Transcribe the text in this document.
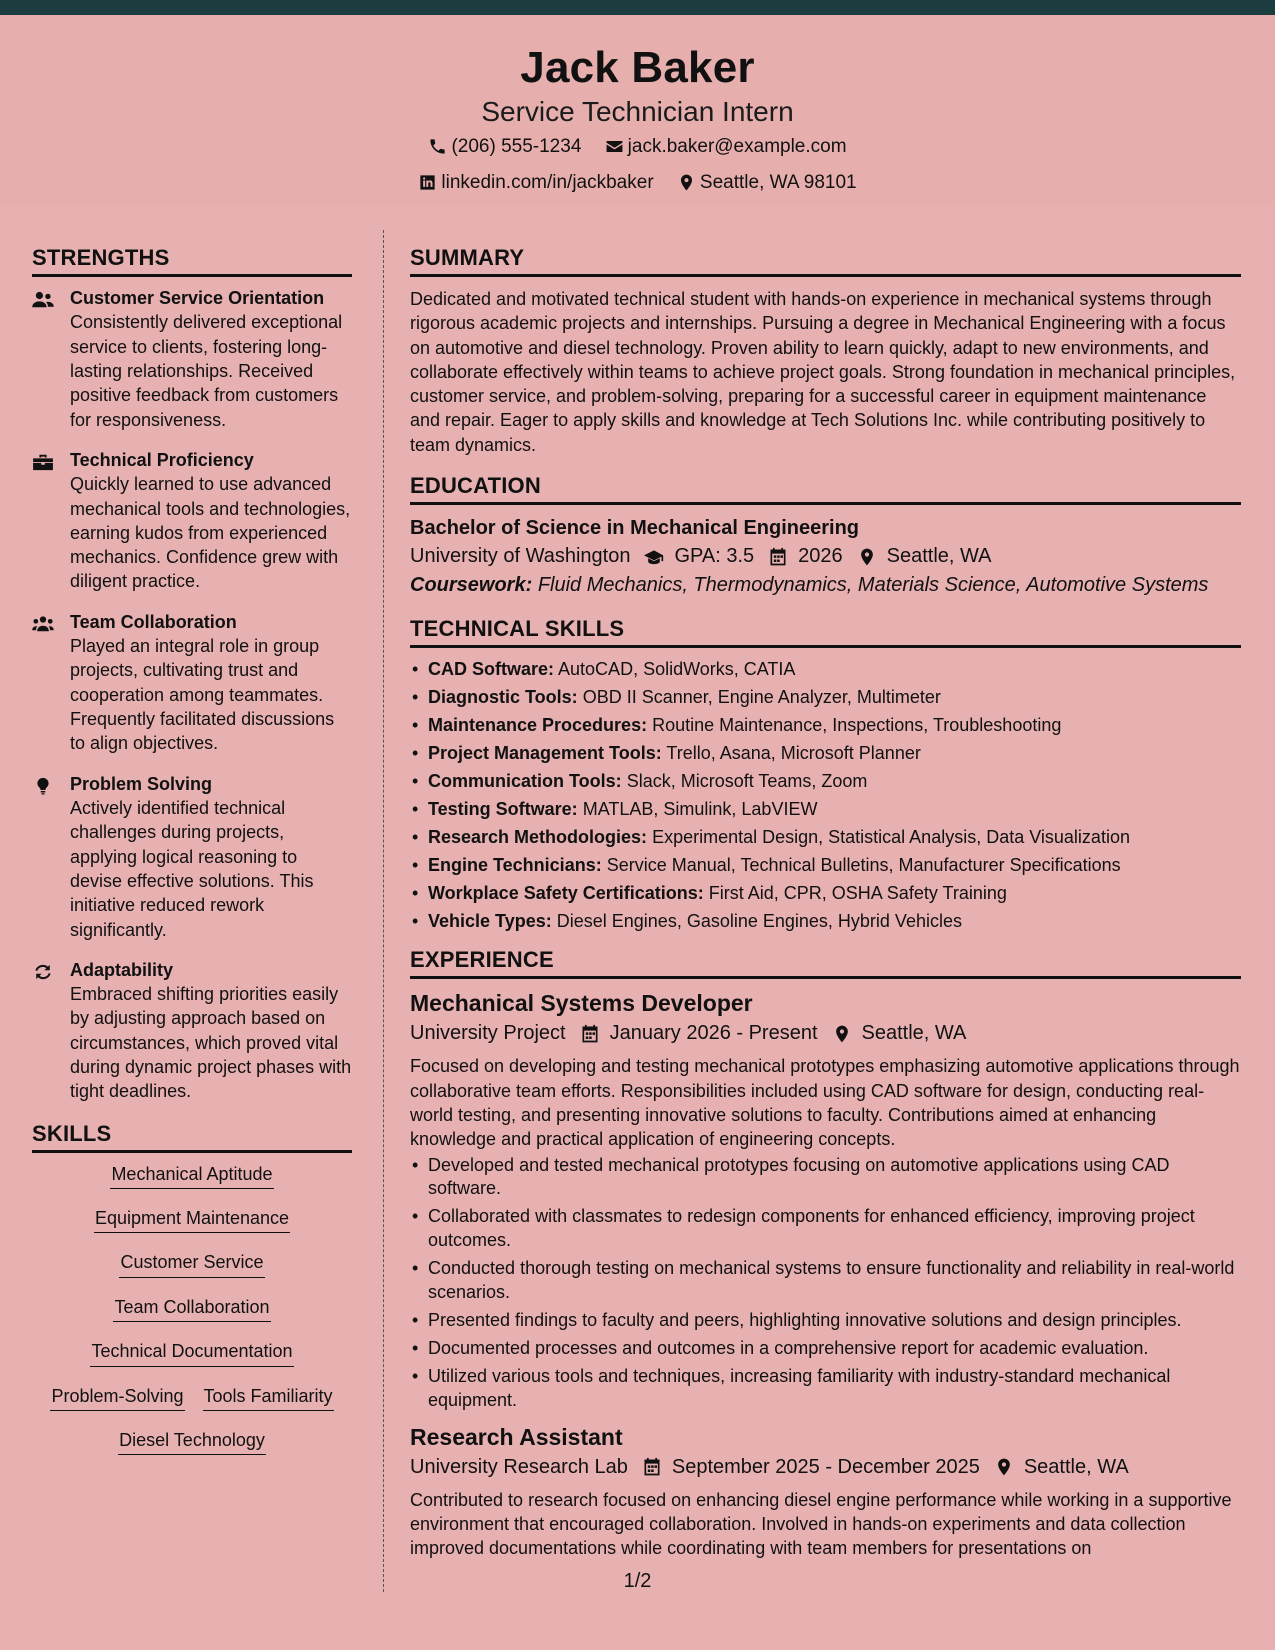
Jack Baker
Service Technician Intern
(206) 555-1234
jack.baker@example.com
linkedin.com/in/jackbaker
Seattle, WA 98101
STRENGTHS
Customer Service Orientation
Consistently delivered exceptional service to clients, fostering long-lasting relationships. Received positive feedback from customers for responsiveness.
Technical Proficiency
Quickly learned to use advanced mechanical tools and technologies, earning kudos from experienced mechanics. Confidence grew with diligent practice.
Team Collaboration
Played an integral role in group projects, cultivating trust and cooperation among teammates. Frequently facilitated discussions to align objectives.
Problem Solving
Actively identified technical challenges during projects, applying logical reasoning to devise effective solutions. This initiative reduced rework significantly.
Adaptability
Embraced shifting priorities easily by adjusting approach based on circumstances, which proved vital during dynamic project phases with tight deadlines.
SKILLS
Mechanical Aptitude
Equipment Maintenance
Customer Service
Team Collaboration
Technical Documentation
Problem-Solving Tools Familiarity
Diesel Technology
SUMMARY
Dedicated and motivated technical student with hands-on experience in mechanical systems through rigorous academic projects and internships. Pursuing a degree in Mechanical Engineering with a focus on automotive and diesel technology. Proven ability to learn quickly, adapt to new environments, and collaborate effectively within teams to achieve project goals. Strong foundation in mechanical principles, customer service, and problem-solving, preparing for a successful career in equipment maintenance and repair. Eager to apply skills and knowledge at Tech Solutions Inc. while contributing positively to team dynamics.
EDUCATION
Bachelor of Science in Mechanical Engineering
University of Washington GPA: 3.5 2026 Seattle, WA
Coursework: Fluid Mechanics, Thermodynamics, Materials Science, Automotive Systems
TECHNICAL SKILLS
• CAD Software: AutoCAD, SolidWorks, CATIA
• Diagnostic Tools: OBD II Scanner, Engine Analyzer, Multimeter
• Maintenance Procedures: Routine Maintenance, Inspections, Troubleshooting
• Project Management Tools: Trello, Asana, Microsoft Planner
• Communication Tools: Slack, Microsoft Teams, Zoom
• Testing Software: MATLAB, Simulink, LabVIEW
• Research Methodologies: Experimental Design, Statistical Analysis, Data Visualization
• Engine Technicians: Service Manual, Technical Bulletins, Manufacturer Specifications
• Workplace Safety Certifications: First Aid, CPR, OSHA Safety Training
• Vehicle Types: Diesel Engines, Gasoline Engines, Hybrid Vehicles
EXPERIENCE
Mechanical Systems Developer
University Project January 2026 - Present Seattle, WA
Focused on developing and testing mechanical prototypes emphasizing automotive applications through collaborative team efforts. Responsibilities included using CAD software for design, conducting real-world testing, and presenting innovative solutions to faculty. Contributions aimed at enhancing knowledge and practical application of engineering concepts.
• Developed and tested mechanical prototypes focusing on automotive applications using CAD software.
• Collaborated with classmates to redesign components for enhanced efficiency, improving project outcomes.
• Conducted thorough testing on mechanical systems to ensure functionality and reliability in real-world scenarios.
• Presented findings to faculty and peers, highlighting innovative solutions and design principles.
• Documented processes and outcomes in a comprehensive report for academic evaluation.
• Utilized various tools and techniques, increasing familiarity with industry-standard mechanical equipment.
Research Assistant
University Research Lab September 2025 - December 2025 Seattle, WA
Contributed to research focused on enhancing diesel engine performance while working in a supportive environment that encouraged collaboration. Involved in hands-on experiments and data collection improved documentations while coordinating with team members for presentations on
1/2
